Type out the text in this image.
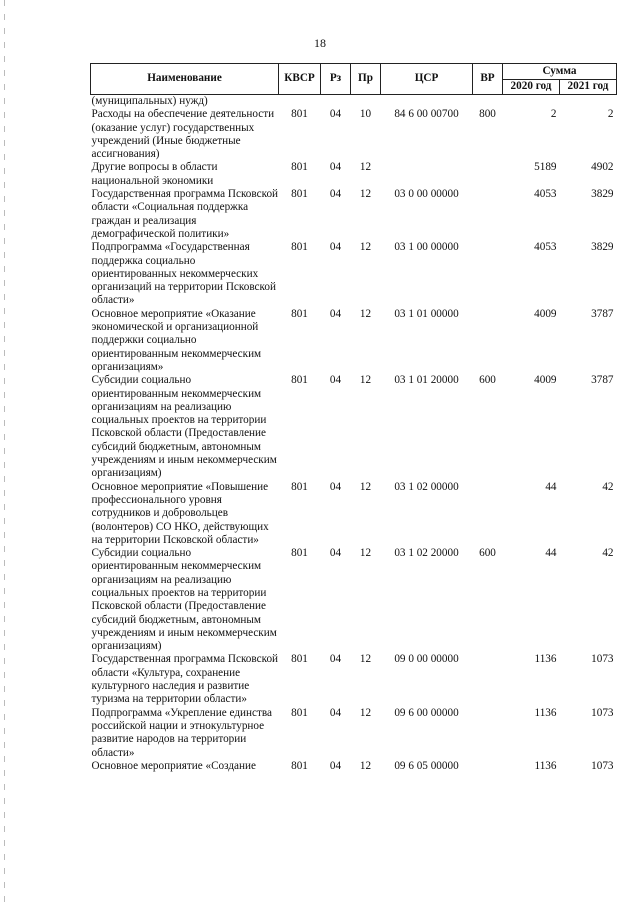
18
Наименование	КВСР	Рз	Пр	ЦСР	ВР	Сумма	
						2020 год	2021 год
(муниципальных) нужд)							
Расходы на обеспечение деятельности (оказание услуг) государственных учреждений (Иные бюджетные ассигнования)	801	04	10	84 6 00 00700	800	2	2
Другие вопросы в области национальной экономики	801	04	12			5189	4902
Государственная программа Псковской области «Социальная поддержка граждан и реализация демографической политики»	801	04	12	03 0 00 00000		4053	3829
Подпрограмма «Государственная поддержка социально ориентированных некоммерческих организаций на территории Псковской области»	801	04	12	03 1 00 00000		4053	3829
Основное мероприятие «Оказание экономической и организационной поддержки социально ориентированным некоммерческим организациям»	801	04	12	03 1 01 00000		4009	3787
Субсидии социально ориентированным некоммерческим организациям на реализацию социальных проектов на территории Псковской области (Предоставление субсидий бюджетным, автономным учреждениям и иным некоммерческим организациям)	801	04	12	03 1 01 20000	600	4009	3787
Основное мероприятие «Повышение профессионального уровня сотрудников и добровольцев (волонтеров) СО НКО, действующих на территории Псковской области»	801	04	12	03 1 02 00000		44	42
Субсидии социально ориентированным некоммерческим организациям на реализацию социальных проектов на территории Псковской области (Предоставление субсидий бюджетным, автономным учреждениям и иным некоммерческим организациям)	801	04	12	03 1 02 20000	600	44	42
Государственная программа Псковской области «Культура, сохранение культурного наследия и развитие туризма на территории области»	801	04	12	09 0 00 00000		1136	1073
Подпрограмма «Укрепление единства российской нации и этнокультурное развитие народов на территории области»	801	04	12	09 6 00 00000		1136	1073
Основное мероприятие «Создание	801	04	12	09 6 05 00000		1136	1073
